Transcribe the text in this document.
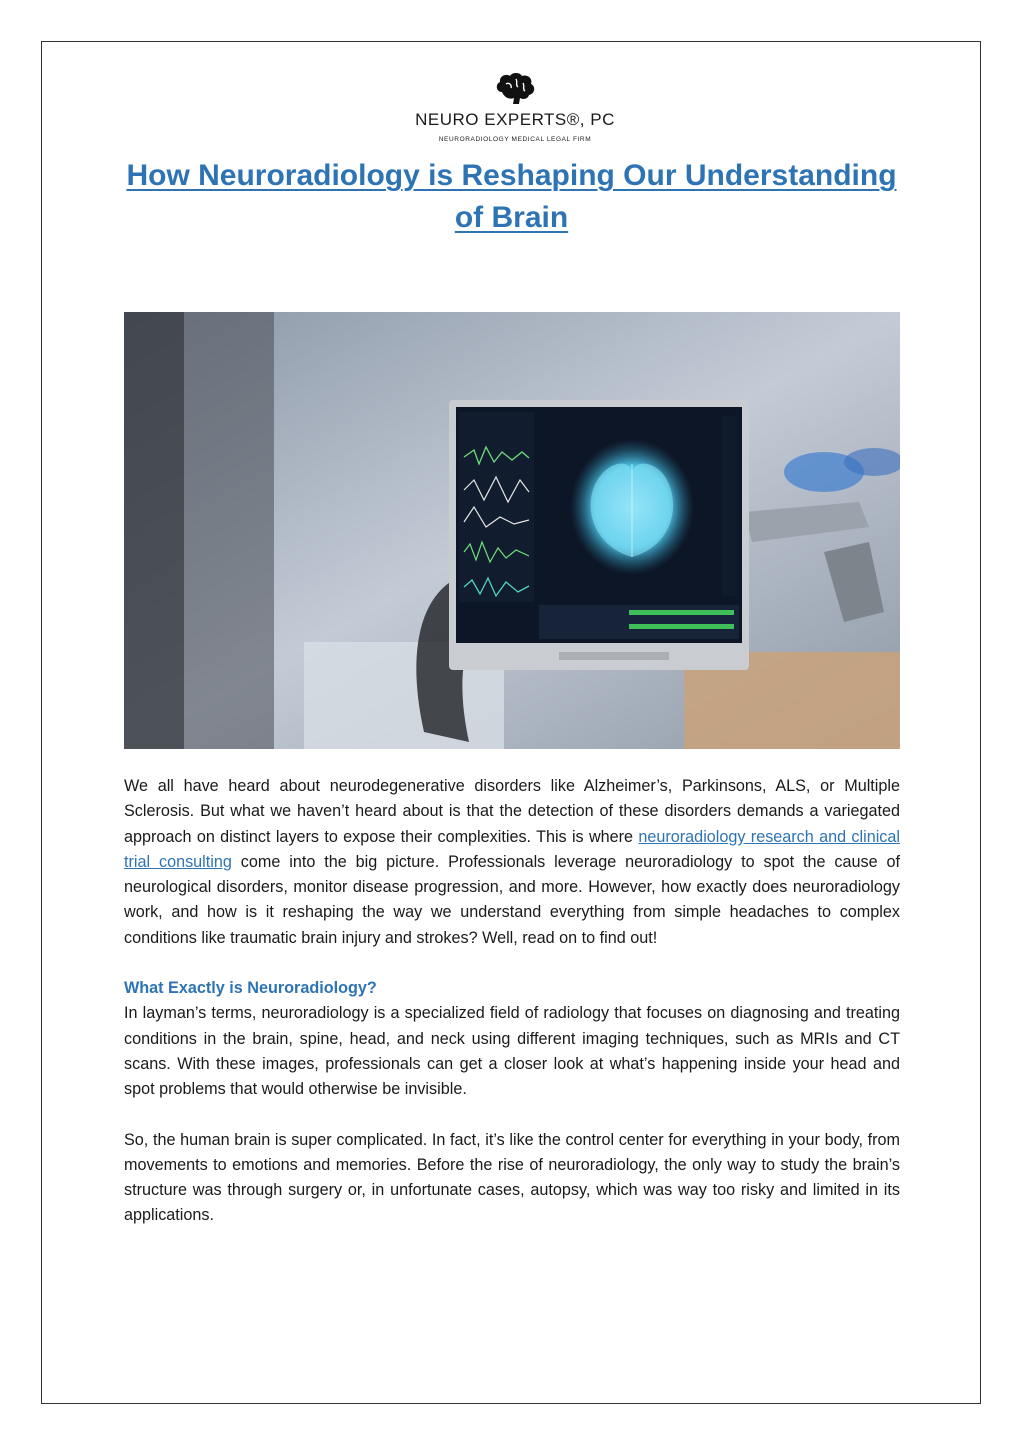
NEURO EXPERTS®, PC
NEURORADIOLOGY MEDICAL LEGAL FIRM
How Neuroradiology is Reshaping Our Understanding of Brain

We all have heard about neurodegenerative disorders like Alzheimer’s, Parkinsons, ALS, or Multiple Sclerosis. But what we haven’t heard about is that the detection of these disorders demands a variegated approach on distinct layers to expose their complexities. This is where neuroradiology research and clinical trial consulting come into the big picture. Professionals leverage neuroradiology to spot the cause of neurological disorders, monitor disease progression, and more. However, how exactly does neuroradiology work, and how is it reshaping the way we understand everything from simple headaches to complex conditions like traumatic brain injury and strokes? Well, read on to find out!

What Exactly is Neuroradiology?

In layman’s terms, neuroradiology is a specialized field of radiology that focuses on diagnosing and treating conditions in the brain, spine, head, and neck using different imaging techniques, such as MRIs and CT scans. With these images, professionals can get a closer look at what’s happening inside your head and spot problems that would otherwise be invisible.

So, the human brain is super complicated. In fact, it’s like the control center for everything in your body, from movements to emotions and memories. Before the rise of neuroradiology, the only way to study the brain’s structure was through surgery or, in unfortunate cases, autopsy, which was way too risky and limited in its applications.
